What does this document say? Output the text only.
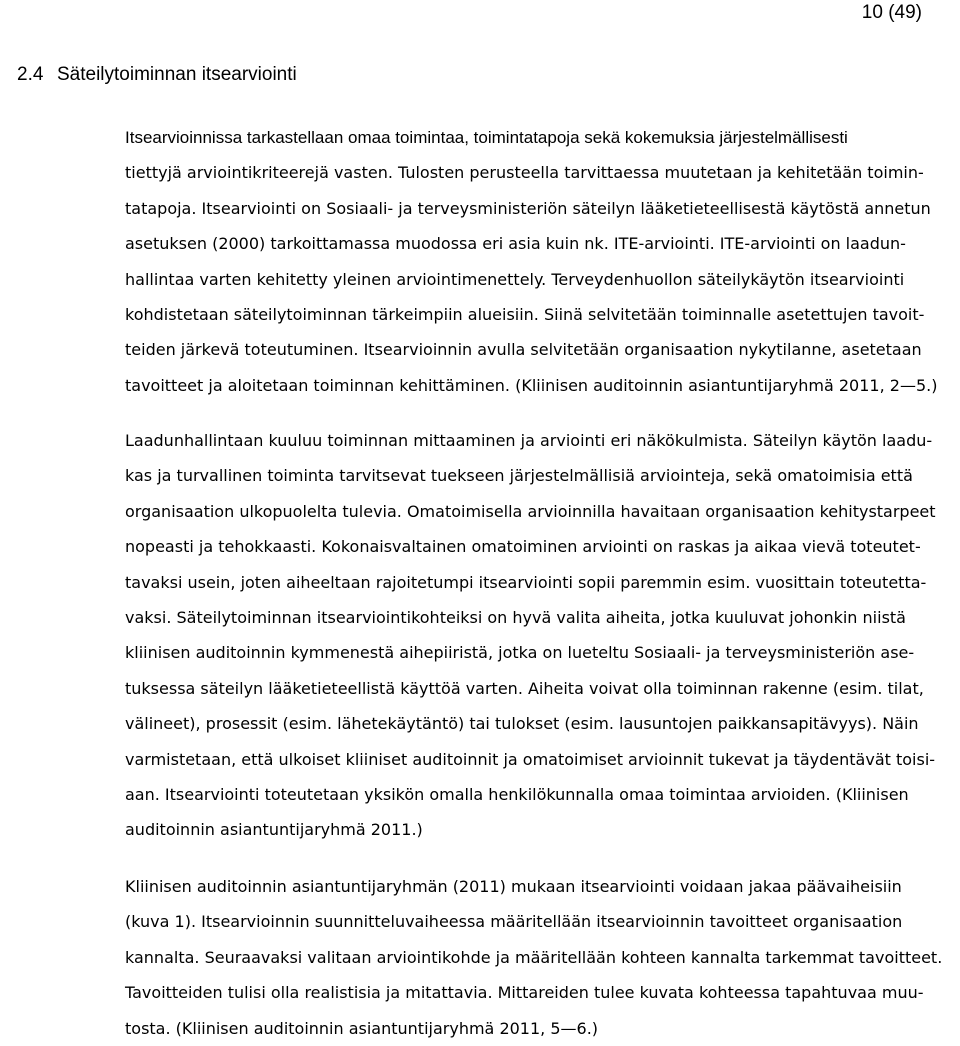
10 (49)
2.4 Säteilytoiminnan itsearviointi

Itsearvioinnissa tarkastellaan omaa toimintaa, toimintatapoja sekä kokemuksia järjestelmällisesti
tiettyjä arviointikriteerejä vasten. Tulosten perusteella tarvittaessa muutetaan ja kehitetään toimin-
tatapoja. Itsearviointi on Sosiaali- ja terveysministeriön säteilyn lääketieteellisestä käytöstä annetun
asetuksen (2000) tarkoittamassa muodossa eri asia kuin nk. ITE-arviointi. ITE-arviointi on laadun-
hallintaa varten kehitetty yleinen arviointimenettely. Terveydenhuollon säteilykäytön itsearviointi
kohdistetaan säteilytoiminnan tärkeimpiin alueisiin. Siinä selvitetään toiminnalle asetettujen tavoit-
teiden järkevä toteutuminen. Itsearvioinnin avulla selvitetään organisaation nykytilanne, asetetaan
tavoitteet ja aloitetaan toiminnan kehittäminen. (Kliinisen auditoinnin asiantuntijaryhmä 2011, 2—5.)

Laadunhallintaan kuuluu toiminnan mittaaminen ja arviointi eri näkökulmista. Säteilyn käytön laadu-
kas ja turvallinen toiminta tarvitsevat tuekseen järjestelmällisiä arviointeja, sekä omatoimisia että
organisaation ulkopuolelta tulevia. Omatoimisella arvioinnilla havaitaan organisaation kehitystarpeet
nopeasti ja tehokkaasti. Kokonaisvaltainen omatoiminen arviointi on raskas ja aikaa vievä toteutet-
tavaksi usein, joten aiheeltaan rajoitetumpi itsearviointi sopii paremmin esim. vuosittain toteutetta-
vaksi. Säteilytoiminnan itsearviointikohteiksi on hyvä valita aiheita, jotka kuuluvat johonkin niistä
kliinisen auditoinnin kymmenestä aihepiiristä, jotka on lueteltu Sosiaali- ja terveysministeriön ase-
tuksessa säteilyn lääketieteellistä käyttöä varten. Aiheita voivat olla toiminnan rakenne (esim. tilat,
välineet), prosessit (esim. lähetekäytäntö) tai tulokset (esim. lausuntojen paikkansapitävyys). Näin
varmistetaan, että ulkoiset kliiniset auditoinnit ja omatoimiset arvioinnit tukevat ja täydentävät toisi-
aan. Itsearviointi toteutetaan yksikön omalla henkilökunnalla omaa toimintaa arvioiden. (Kliinisen
auditoinnin asiantuntijaryhmä 2011.)

Kliinisen auditoinnin asiantuntijaryhmän (2011) mukaan itsearviointi voidaan jakaa päävaiheisiin
(kuva 1). Itsearvioinnin suunnitteluvaiheessa määritellään itsearvioinnin tavoitteet organisaation
kannalta. Seuraavaksi valitaan arviointikohde ja määritellään kohteen kannalta tarkemmat tavoitteet.
Tavoitteiden tulisi olla realistisia ja mitattavia. Mittareiden tulee kuvata kohteessa tapahtuvaa muu-
tosta. (Kliinisen auditoinnin asiantuntijaryhmä 2011, 5—6.)
